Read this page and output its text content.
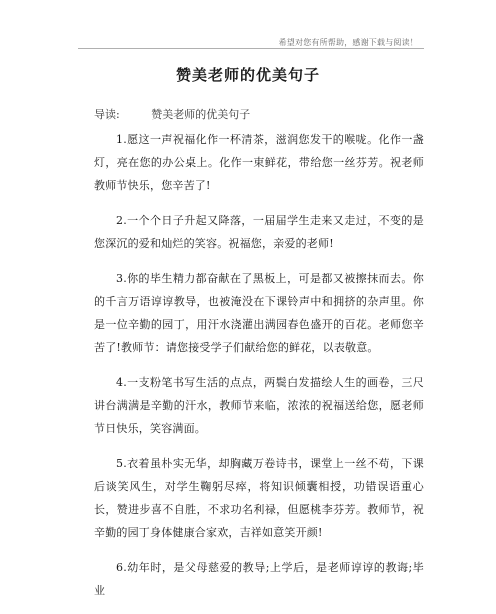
希望对您有所帮助，感谢下载与阅读！
赞美老师的优美句子
导读:	赞美老师的优美句子

1.愿这一声祝福化作一杯清茶，滋润您发干的喉咙。化作一盏灯，亮在您的办公桌上。化作一束鲜花，带给您一丝芬芳。祝老师教师节快乐，您辛苦了!

2.一个个日子升起又降落，一届届学生走来又走过，不变的是您深沉的爱和灿烂的笑容。祝福您，亲爱的老师!

3.你的毕生精力都奋献在了黑板上，可是都又被擦抹而去。你的千言万语谆谆教导，也被淹没在下课铃声中和拥挤的杂声里。你是一位辛勤的园丁，用汗水浇灌出满园春色盛开的百花。老师您辛苦了!教师节：请您接受学子们献给您的鲜花，以表敬意。

4.一支粉笔书写生活的点点，两鬓白发描绘人生的画卷，三尺讲台满满是辛勤的汗水，教师节来临，浓浓的祝福送给您，愿老师节日快乐，笑容满面。

5.衣着虽朴实无华，却胸藏万卷诗书，课堂上一丝不苟，下课后谈笑风生，对学生鞠躬尽瘁，将知识倾囊相授，功错误语重心长，赞进步喜不自胜，不求功名利禄，但愿桃李芬芳。教师节，祝辛勤的园丁身体健康合家欢，吉祥如意笑开颜!

6.幼年时，是父母慈爱的教导;上学后，是老师谆谆的教诲;毕业
